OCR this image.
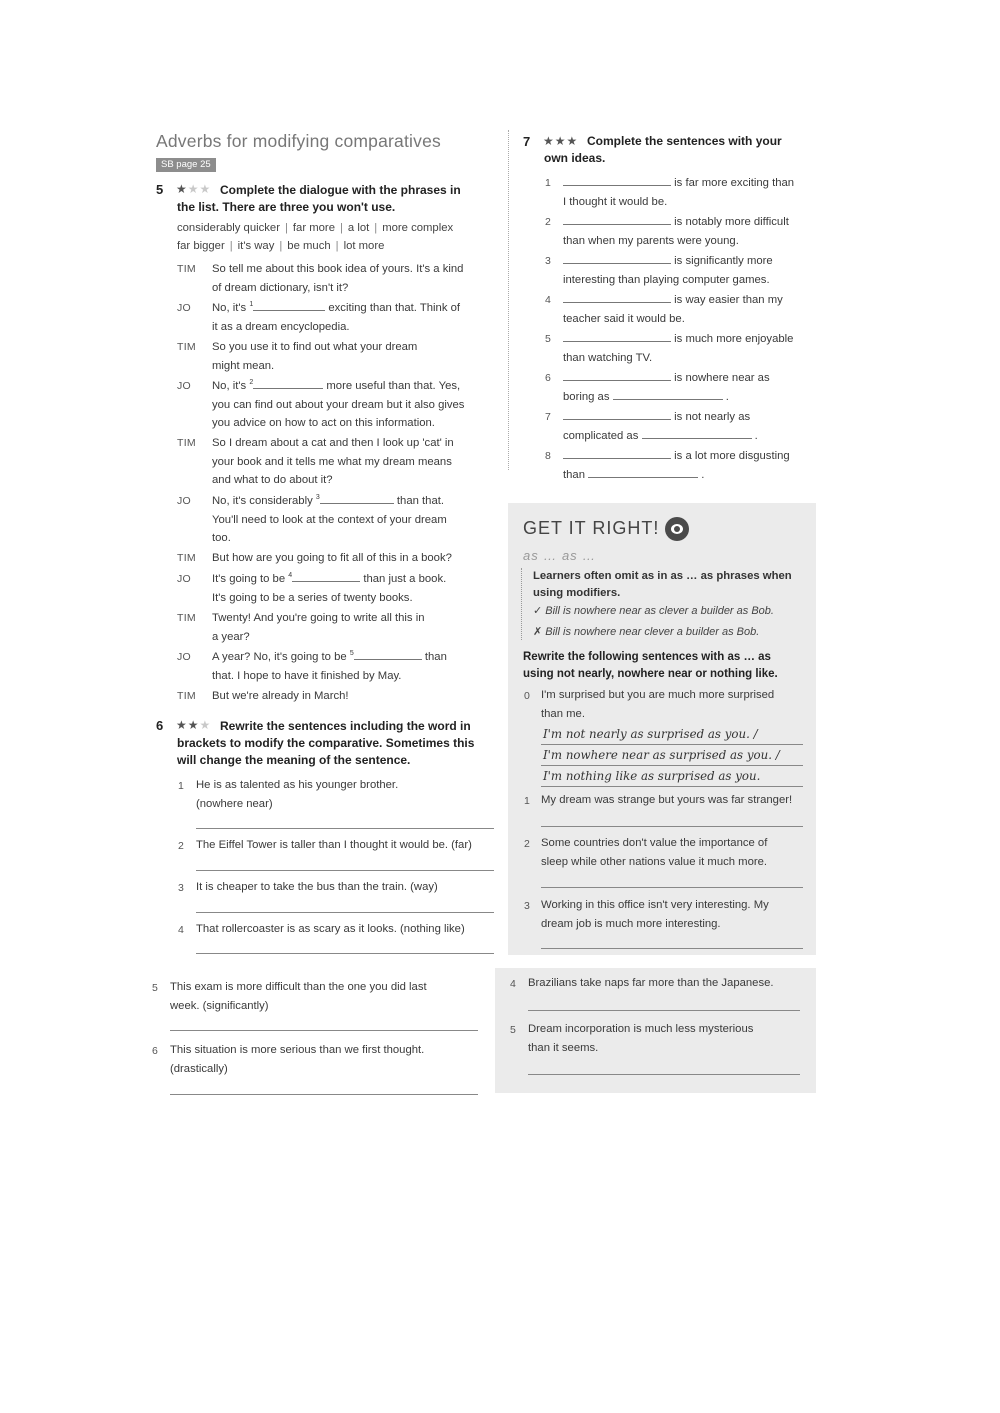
Adverbs for modifying comparatives
SB page 25
5 ★★★ Complete the dialogue with the phrases in
the list. There are three you won't use.
considerably quicker | far more | a lot | more complex
far bigger | it's way | be much | lot more
TIM So tell me about this book idea of yours. It's a kind
of dream dictionary, isn't it?
JO No, it's $^1$	exciting than that. Think of
it as a dream encyclopedia.
TIM So you use it to find out what your dream
might mean.
JO No, it's $^2$	more useful than that. Yes,
you can find out about your dream but it also gives
you advice on how to act on this information.
TIM So I dream about a cat and then I look up 'cat' in
your book and it tells me what my dream means
and what to do about it?
JO No, it's considerably $^3$	than that.
You'll need to look at the context of your dream
too.
TIM But how are you going to fit all of this in a book?
JO It's going to be $^4$	than just a book.
It's going to be a series of twenty books.
TIM Twenty! And you're going to write all this in
a year?
JO A year? No, it's going to be $^5$	than
that. I hope to have it finished by May.
TIM But we're already in March!
6 ★★★ Rewrite the sentences including the word in
brackets to modify the comparative. Sometimes this
will change the meaning of the sentence.
1 He is as talented as his younger brother.
(nowhere near)
2 The Eiffel Tower is taller than I thought it would be. (far)
3 It is cheaper to take the bus than the train. (way)
4 That rollercoaster is as scary as it looks. (nothing like)
5 This exam is more difficult than the one you did last
week. (significantly)
6 This situation is more serious than we first thought.
(drastically)
7 ★★★ Complete the sentences with your
own ideas.
1	is far more exciting than
I thought it would be.
2	is notably more difficult
than when my parents were young.
3	is significantly more
interesting than playing computer games.
4	is way easier than my
teacher said it would be.
5	is much more enjoyable
than watching TV.
6	is nowhere near as
boring as	.
7	is not nearly as
complicated as	.
8	is a lot more disgusting
than	.
GET IT RIGHT!
as … as …
Learners often omit as in as … as phrases when
using modifiers.
✓ Bill is nowhere near as clever a builder as Bob.
✗ Bill is nowhere near clever a builder as Bob.
Rewrite the following sentences with as … as
using not nearly, nowhere near or nothing like.
0 I'm surprised but you are much more surprised
than me.
I'm not nearly as surprised as you. /
I'm nowhere near as surprised as you. /
I'm nothing like as surprised as you.
1 My dream was strange but yours was far stranger!
2 Some countries don't value the importance of
sleep while other nations value it much more.
3 Working in this office isn't very interesting. My
dream job is much more interesting.
4 Brazilians take naps far more than the Japanese.
5 Dream incorporation is much less mysterious
than it seems.
